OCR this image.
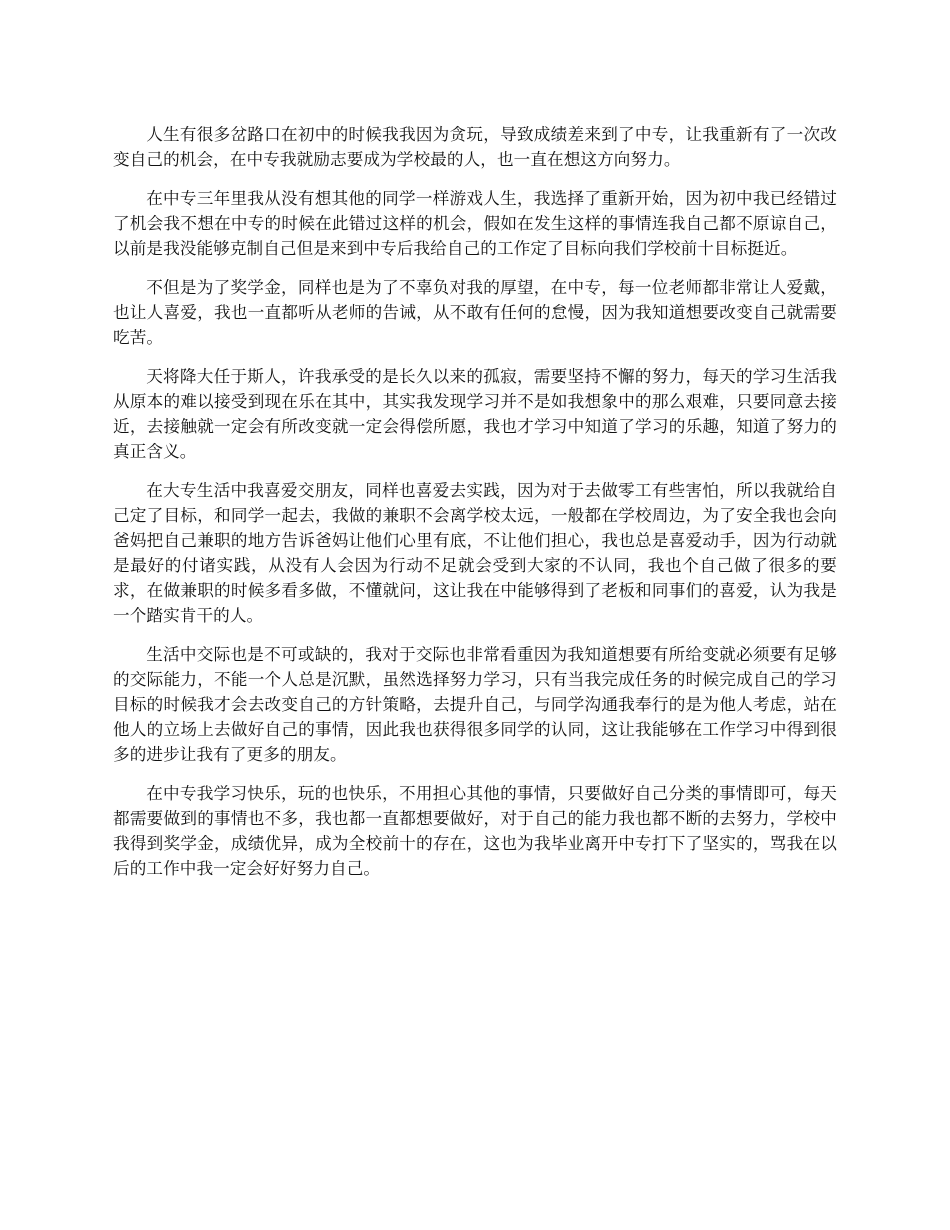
人生有很多岔路口在初中的时候我我因为贪玩，导致成绩差来到了中专，让我重新有了一次改变自己的机会，在中专我就励志要成为学校最的人，也一直在想这方向努力。

在中专三年里我从没有想其他的同学一样游戏人生，我选择了重新开始，因为初中我已经错过了机会我不想在中专的时候在此错过这样的机会，假如在发生这样的事情连我自己都不原谅自己，以前是我没能够克制自己但是来到中专后我给自己的工作定了目标向我们学校前十目标挺近。

不但是为了奖学金，同样也是为了不辜负对我的厚望，在中专，每一位老师都非常让人爱戴，也让人喜爱，我也一直都听从老师的告诫，从不敢有任何的怠慢，因为我知道想要改变自己就需要吃苦。

天将降大任于斯人，许我承受的是长久以来的孤寂，需要坚持不懈的努力，每天的学习生活我从原本的难以接受到现在乐在其中，其实我发现学习并不是如我想象中的那么艰难，只要同意去接近，去接触就一定会有所改变就一定会得偿所愿，我也才学习中知道了学习的乐趣，知道了努力的真正含义。

在大专生活中我喜爱交朋友，同样也喜爱去实践，因为对于去做零工有些害怕，所以我就给自己定了目标，和同学一起去，我做的兼职不会离学校太远，一般都在学校周边，为了安全我也会向爸妈把自己兼职的地方告诉爸妈让他们心里有底，不让他们担心，我也总是喜爱动手，因为行动就是最好的付诸实践，从没有人会因为行动不足就会受到大家的不认同，我也个自己做了很多的要求，在做兼职的时候多看多做，不懂就问，这让我在中能够得到了老板和同事们的喜爱，认为我是一个踏实肯干的人。

生活中交际也是不可或缺的，我对于交际也非常看重因为我知道想要有所给变就必须要有足够的交际能力，不能一个人总是沉默，虽然选择努力学习，只有当我完成任务的时候完成自己的学习目标的时候我才会去改变自己的方针策略，去提升自己，与同学沟通我奉行的是为他人考虑，站在他人的立场上去做好自己的事情，因此我也获得很多同学的认同，这让我能够在工作学习中得到很多的进步让我有了更多的朋友。

在中专我学习快乐，玩的也快乐，不用担心其他的事情，只要做好自己分类的事情即可，每天都需要做到的事情也不多，我也都一直都想要做好，对于自己的能力我也都不断的去努力，学校中我得到奖学金，成绩优异，成为全校前十的存在，这也为我毕业离开中专打下了坚实的，骂我在以后的工作中我一定会好好努力自己。
